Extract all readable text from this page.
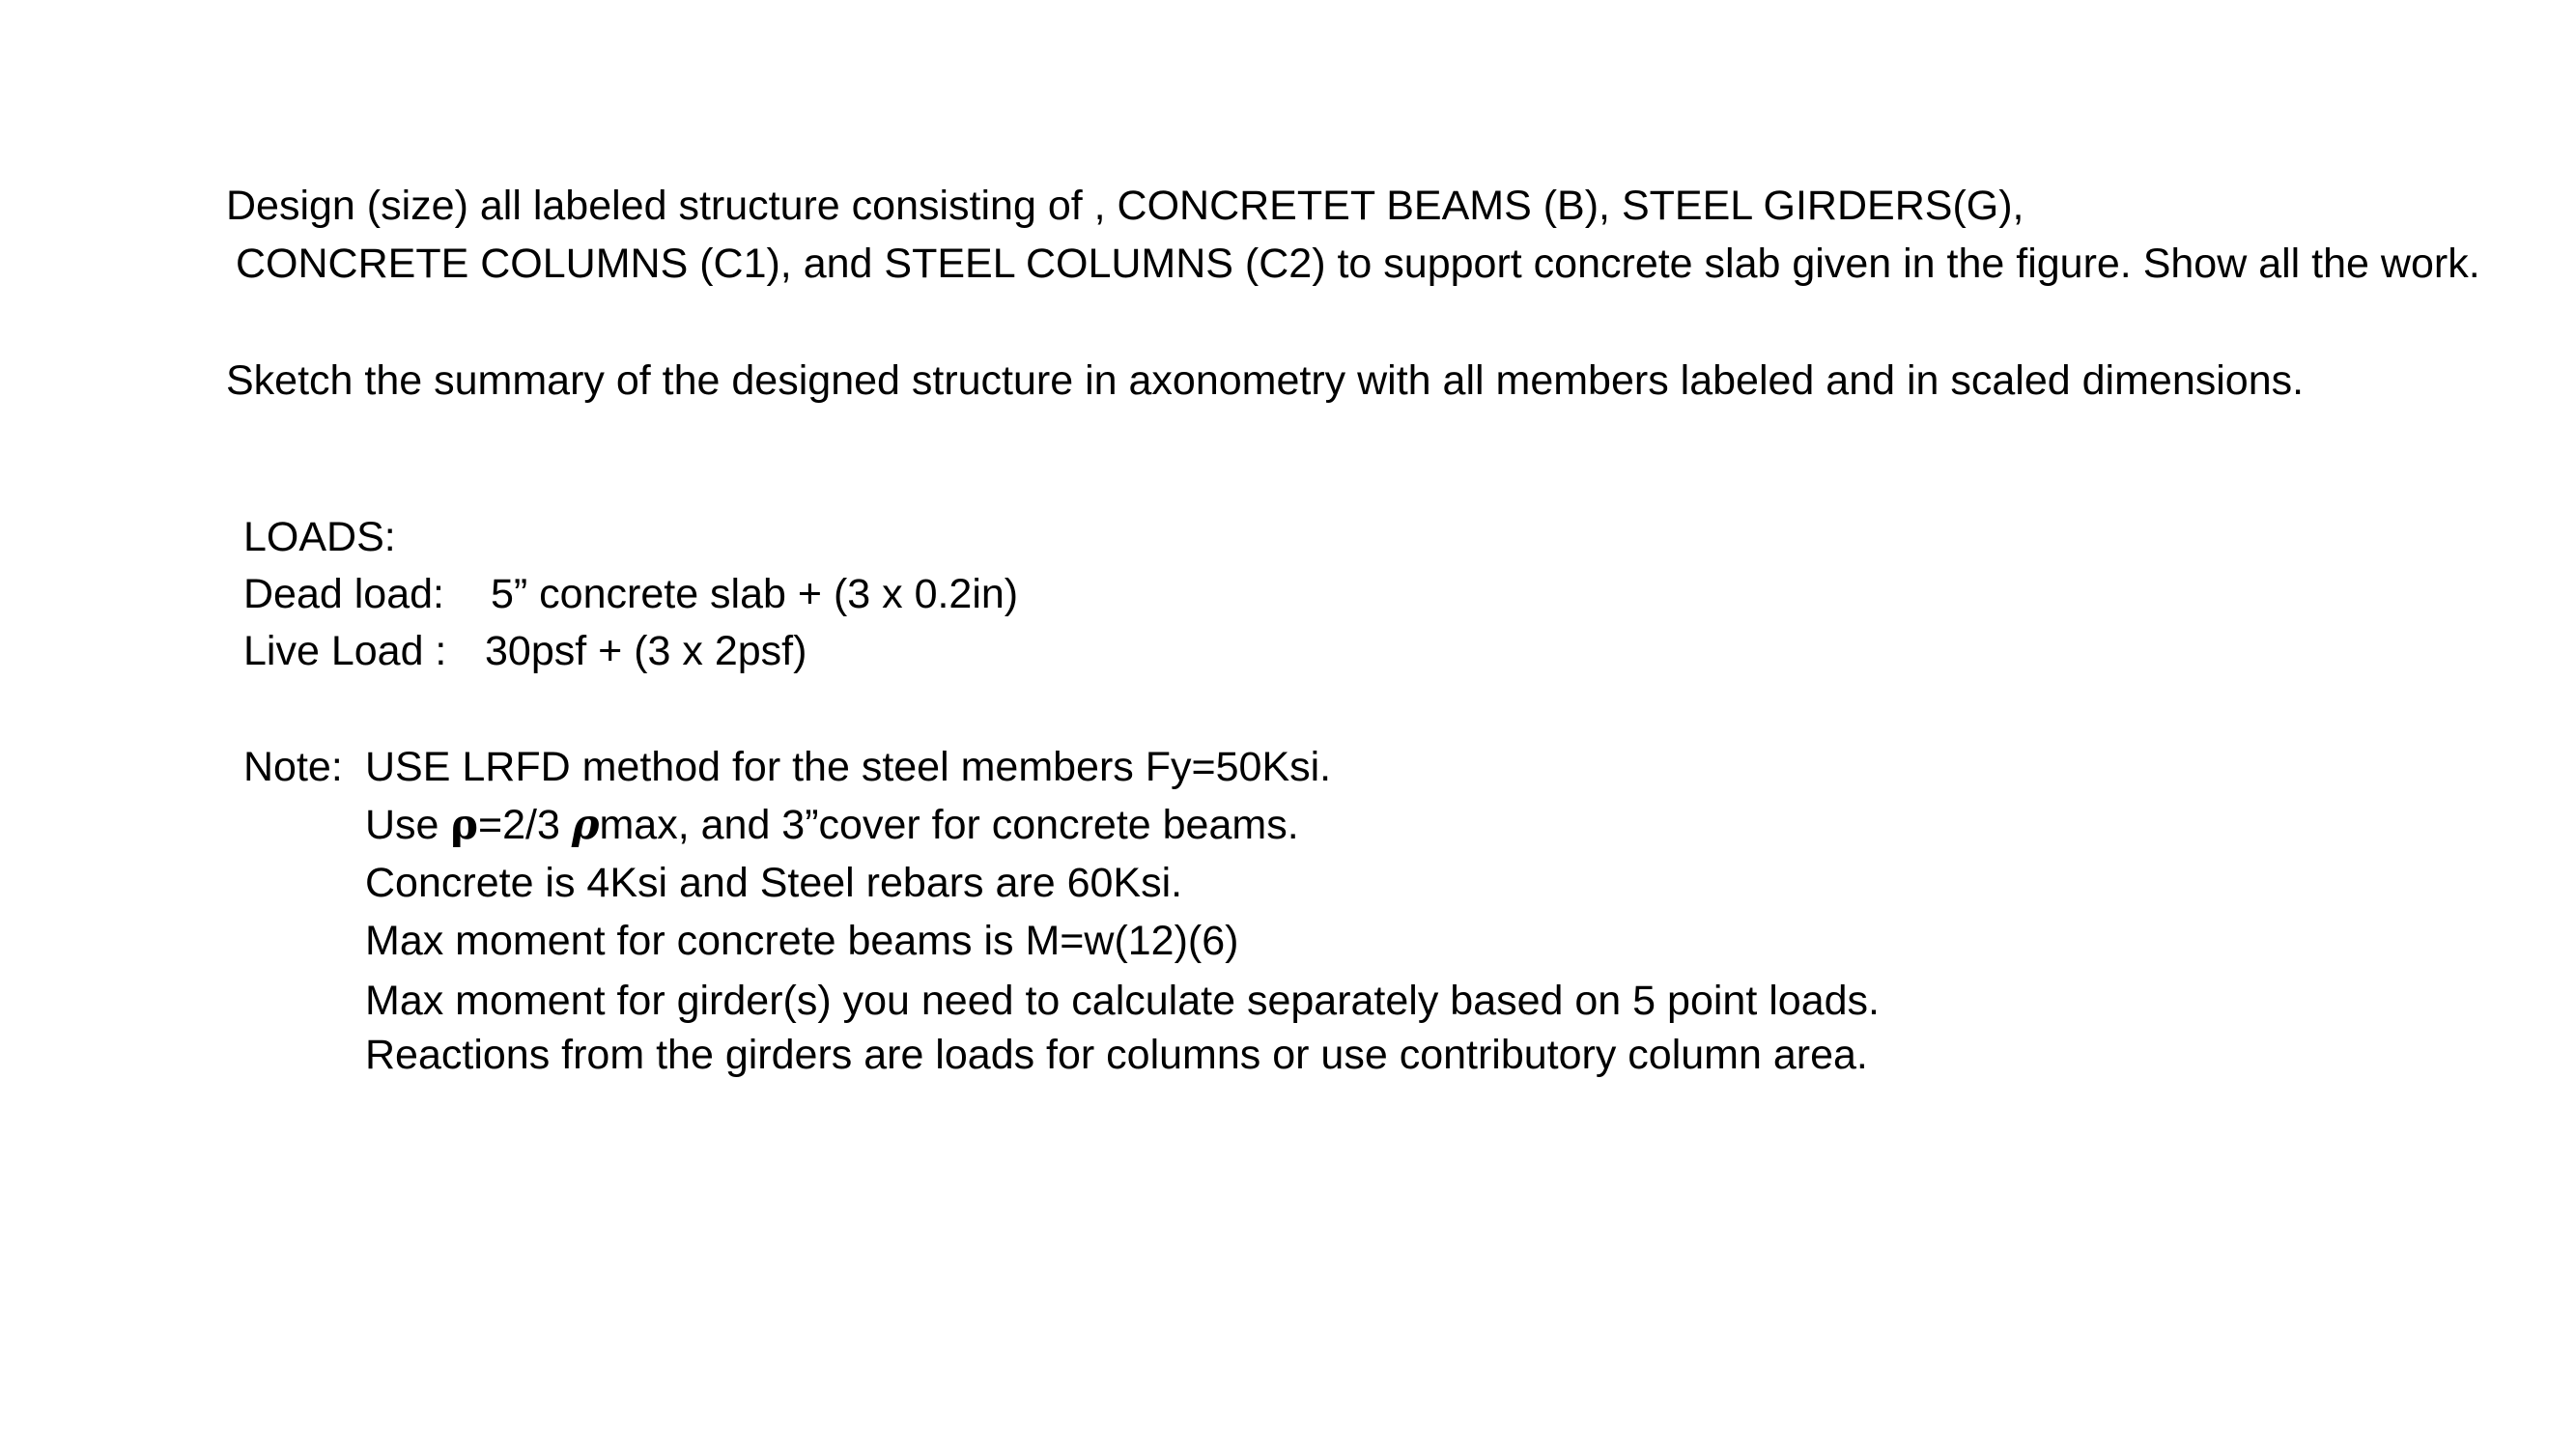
Design (size) all labeled structure consisting of , CONCRETET BEAMS (B), STEEL GIRDERS(G),
CONCRETE COLUMNS (C1), and STEEL COLUMNS (C2) to support concrete slab given in the figure. Show all the work.
Sketch the summary of the designed structure in axonometry with all members labeled and in scaled dimensions.
LOADS:
Dead load: 5” concrete slab + (3 x 0.2in)
Live Load : 30psf + (3 x 2psf)
Note: USE LRFD method for the steel members Fy=50Ksi.
Use ρ=2/3 ρmax, and 3”cover for concrete beams.
Concrete is 4Ksi and Steel rebars are 60Ksi.
Max moment for concrete beams is M=w(12)(6)
Max moment for girder(s) you need to calculate separately based on 5 point loads.
Reactions from the girders are loads for columns or use contributory column area.
